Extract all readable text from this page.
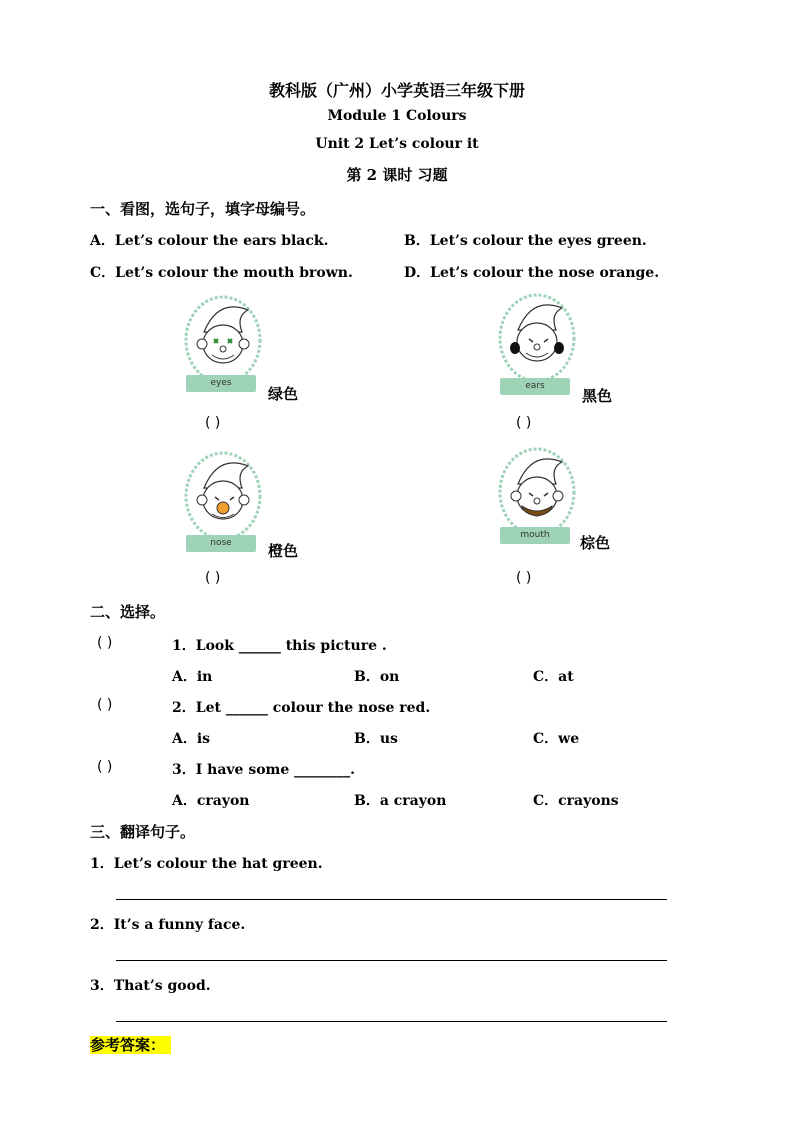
教科版（广州）小学英语三年级下册
Module 1 Colours
Unit 2 Let’s colour it
第 2 课时 习题
一、看图，选句子，填字母编号。
A．Let’s colour the ears black.	B．Let’s colour the eyes green.
C．Let’s colour the mouth brown.	D．Let’s colour the nose orange.
eyes
绿色
( )
ears
黑色
( )
nose	橙色
( )
mouth	棕色
( )
二、选择。
( )	1．Look ______ this picture .
A．in	B．on	C．at
( )	2．Let ______ colour the nose red.
A．is	B．us	C．we
( )	3．I have some ________.
A．crayon	B．a crayon	C．crayons
三、翻译句子。
1．Let’s colour the hat green.
2．It’s a funny face.
3．That’s good.
参考答案：
